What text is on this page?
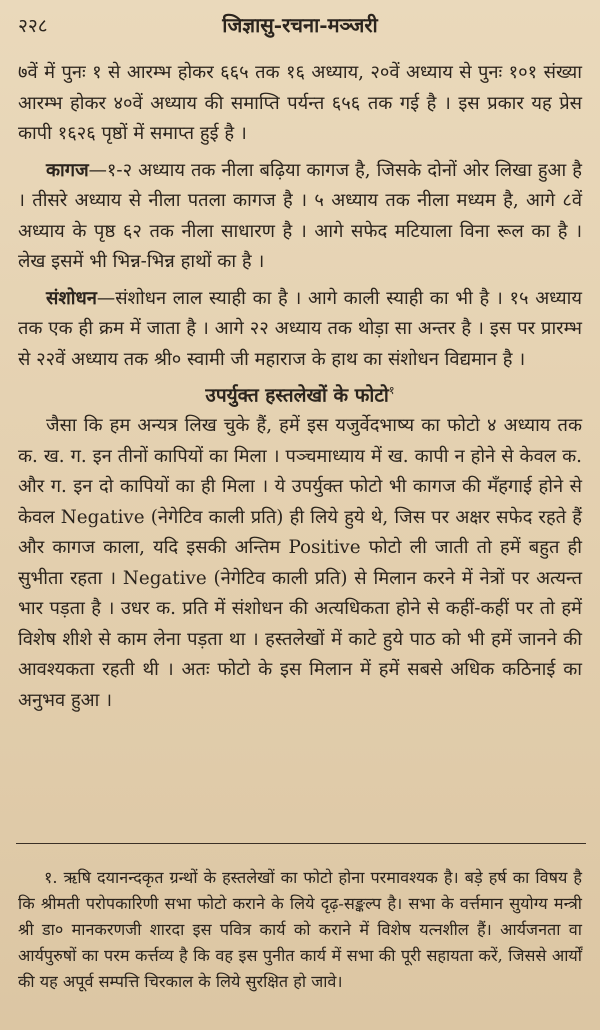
२२८	जिज्ञासु-रचना-मञ्जरी

७वें में पुनः १ से आरम्भ होकर ६६५ तक १६ अध्याय, २०वें अध्याय से पुनः १०१ संख्या आरम्भ होकर ४०वें अध्याय की समाप्ति पर्यन्त ६५६ तक गई है । इस प्रकार यह प्रेस कापी १६२६ पृष्ठों में समाप्त हुई है ।

कागज—१-२ अध्याय तक नीला बढ़िया कागज है, जिसके दोनों ओर लिखा हुआ है । तीसरे अध्याय से नीला पतला कागज है । ५ अध्याय तक नीला मध्यम है, आगे ८वें अध्याय के पृष्ठ ६२ तक नीला साधारण है । आगे सफेद मटियाला विना रूल का है । लेख इसमें भी भिन्न-भिन्न हाथों का है ।

संशोधन—संशोधन लाल स्याही का है । आगे काली स्याही का भी है । १५ अध्याय तक एक ही क्रम में जाता है । आगे २२ अध्याय तक थोड़ा सा अन्तर है । इस पर प्रारम्भ से २२वें अध्याय तक श्री० स्वामी जी महाराज के हाथ का संशोधन विद्यमान है ।

उपर्युक्त हस्तलेखों के फोटो$^१$

जैसा कि हम अन्यत्र लिख चुके हैं, हमें इस यजुर्वेदभाष्य का फोटो ४ अध्याय तक क. ख. ग. इन तीनों कापियों का मिला । पञ्चमाध्याय में ख. कापी न होने से केवल क. और ग. इन दो कापियों का ही मिला । ये उपर्युक्त फोटो भी कागज की मँहगाई होने से केवल Negative (नेगेटिव काली प्रति) ही लिये हुये थे, जिस पर अक्षर सफेद रहते हैं और कागज काला, यदि इसकी अन्तिम Positive फोटो ली जाती तो हमें बहुत ही सुभीता रहता । Negative (नेगेटिव काली प्रति) से मिलान करने में नेत्रों पर अत्यन्त भार पड़ता है । उधर क. प्रति में संशोधन की अत्यधिकता होने से कहीं-कहीं पर तो हमें विशेष शीशे से काम लेना पड़ता था । हस्तलेखों में काटे हुये पाठ को भी हमें जानने की आवश्यकता रहती थी । अतः फोटो के इस मिलान में हमें सबसे अधिक कठिनाई का अनुभव हुआ ।

१. ऋषि दयानन्दकृत ग्रन्थों के हस्तलेखों का फोटो होना परमावश्यक है। बड़े हर्ष का विषय है कि श्रीमती परोपकारिणी सभा फोटो कराने के लिये दृढ़-सङ्कल्प है। सभा के वर्त्तमान सुयोग्य मन्त्री श्री डा० मानकरणजी शारदा इस पवित्र कार्य को कराने में विशेष यत्नशील हैं। आर्यजनता वा आर्यपुरुषों का परम कर्त्तव्य है कि वह इस पुनीत कार्य में सभा की पूरी सहायता करें, जिससे आर्यों की यह अपूर्व सम्पत्ति चिरकाल के लिये सुरक्षित हो जावे।
